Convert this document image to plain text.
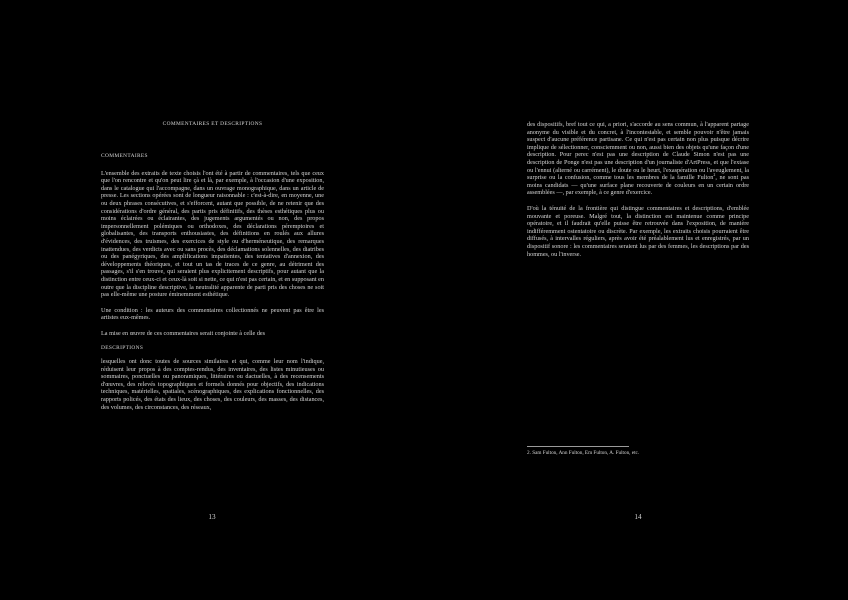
COMMENTAIRES ET DESCRIPTIONS
COMMENTAIRES

L'ensemble des extraits de texte choisis l'ont été à partir de commentaires, tels que ceux que l'on rencontre et qu'on peut lire çà et là, par exemple, à l'occasion d'une exposition, dans le catalogue qui l'accompagne, dans un ouvrage monographique, dans un article de presse. Les sections opérées sont de longueur raisonnable : c'est-à-dire, en moyenne, une ou deux phrases consécutives, et s'efforcent, autant que possible, de ne retenir que des considérations d'ordre général, des partis pris définitifs, des thèses esthétiques plus ou moins éclairées ou éclairantes, des jugements argumentés ou non, des propos impersonnellement polémiques ou orthodoxes, des déclarations péremptoires et globalisantes, des transports enthousiastes, des définitions en roulés aux allures d'évidences, des truismes, des exercices de style ou d'herméneutique, des remarques inattendues, des verdicts avec ou sans procès, des déclamations solennelles, des diatribes ou des panégyriques, des amplifications impatientes, des tentatives d'annexion, des développements théoriques, et tout un tas de traces de ce genre, au détriment des passages, s'il s'en trouve, qui seraient plus explicitement descriptifs, pour autant que la distinction entre ceux-ci et ceux-là soit si nette, ce qui n'est pas certain, et en supposant en outre que la discipline descriptive, la neutralité apparente de parti pris des choses ne soit pas elle-même une posture éminemment esthétique.

Une condition : les auteurs des commentaires collectionnés ne peuvent pas être les artistes eux-mêmes.

La mise en œuvre de ces commentaires serait conjointe à celle des

DESCRIPTIONS

lesquelles ont donc toutes de sources similaires et qui, comme leur nom l'indique, réduisent leur propos à des comptes-rendus, des inventaires, des listes minutieuses ou sommaires, ponctuelles ou panoramiques, littéraires ou dactuelles, à des recensements d'œuvres, des relevés topographiques et formels donnés pour objectifs, des indications techniques, matérielles, spatiales, scénographiques, des explications fonctionnelles, des rapports policés, des états des lieux, des choses, des couleurs, des masses, des distances, des volumes, des circonstances, des réseaux,

13

des dispositifs, bref tout ce qui, a priori, s'accorde au sens commun, à l'apparent partage anonyme du visible et du concret, à l'incontestable, et semble pouvoir n'être jamais suspect d'aucune préférence partisane. Ce qui n'est pas certain non plus puisque décrire implique de sélectionner, consciemment ou non, aussi bien des objets qu'une façon d'une description. Pour perec n'est pas une description de Claude Simon n'est pas une description de Ponge n'est pas une description d'un journaliste d'ArtPress, et que l'extase ou l'ennui (alterné ou carrément), le doute ou le heurt, l'exaspération ou l'aveuglement, la surprise ou la confusion, comme tous les membres de la famille Fulton$^2$, ne sont pas moins candidats — qu'une surface plane recouverte de couleurs en un certain ordre assemblées —, par exemple, à ce genre d'exercice.

D'où la ténuité de la frontière qui distingue commentaires et descriptions, d'emblée mouvante et poreuse. Malgré tout, la distinction est maintenue comme principe opératoire, et il faudrait qu'elle puisse être retrouvée dans l'exposition, de manière indifféremment ostentatoire ou discrète. Par exemple, les extraits choisis pourraient être diffusés, à intervalles réguliers, après avoir été préalablement lus et enregistrés, par un dispositif sonore : les commentaires seraient lus par des femmes, les descriptions par des hommes, ou l'inverse.

2. Sam Fulton, Ann Fulton, Em Fulton, A. Fulton, etc.
14
